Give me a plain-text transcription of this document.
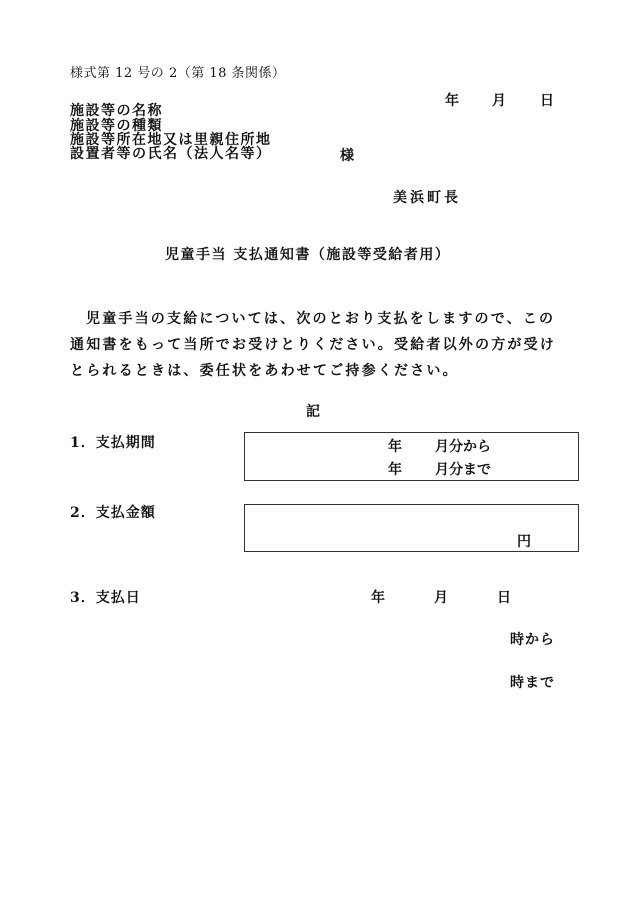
様式第 12 号の 2（第 18 条関係）
年 月 日
施設等の名称
施設等の種類
施設等所在地又は里親住所地
設置者等の氏名（法人名等）	様
美浜町長
児童手当 支払通知書（施設等受給者用）
児童手当の支給については、次のとおり支払をしますので、この通知書をもって当所でお受けとりください。受給者以外の方が受けとられるときは、委任状をあわせてご持参ください。
記
1．支払期間	年 月分から
年 月分まで
2．支払金額
円
3．支払日	年	月	日
時から
時まで
